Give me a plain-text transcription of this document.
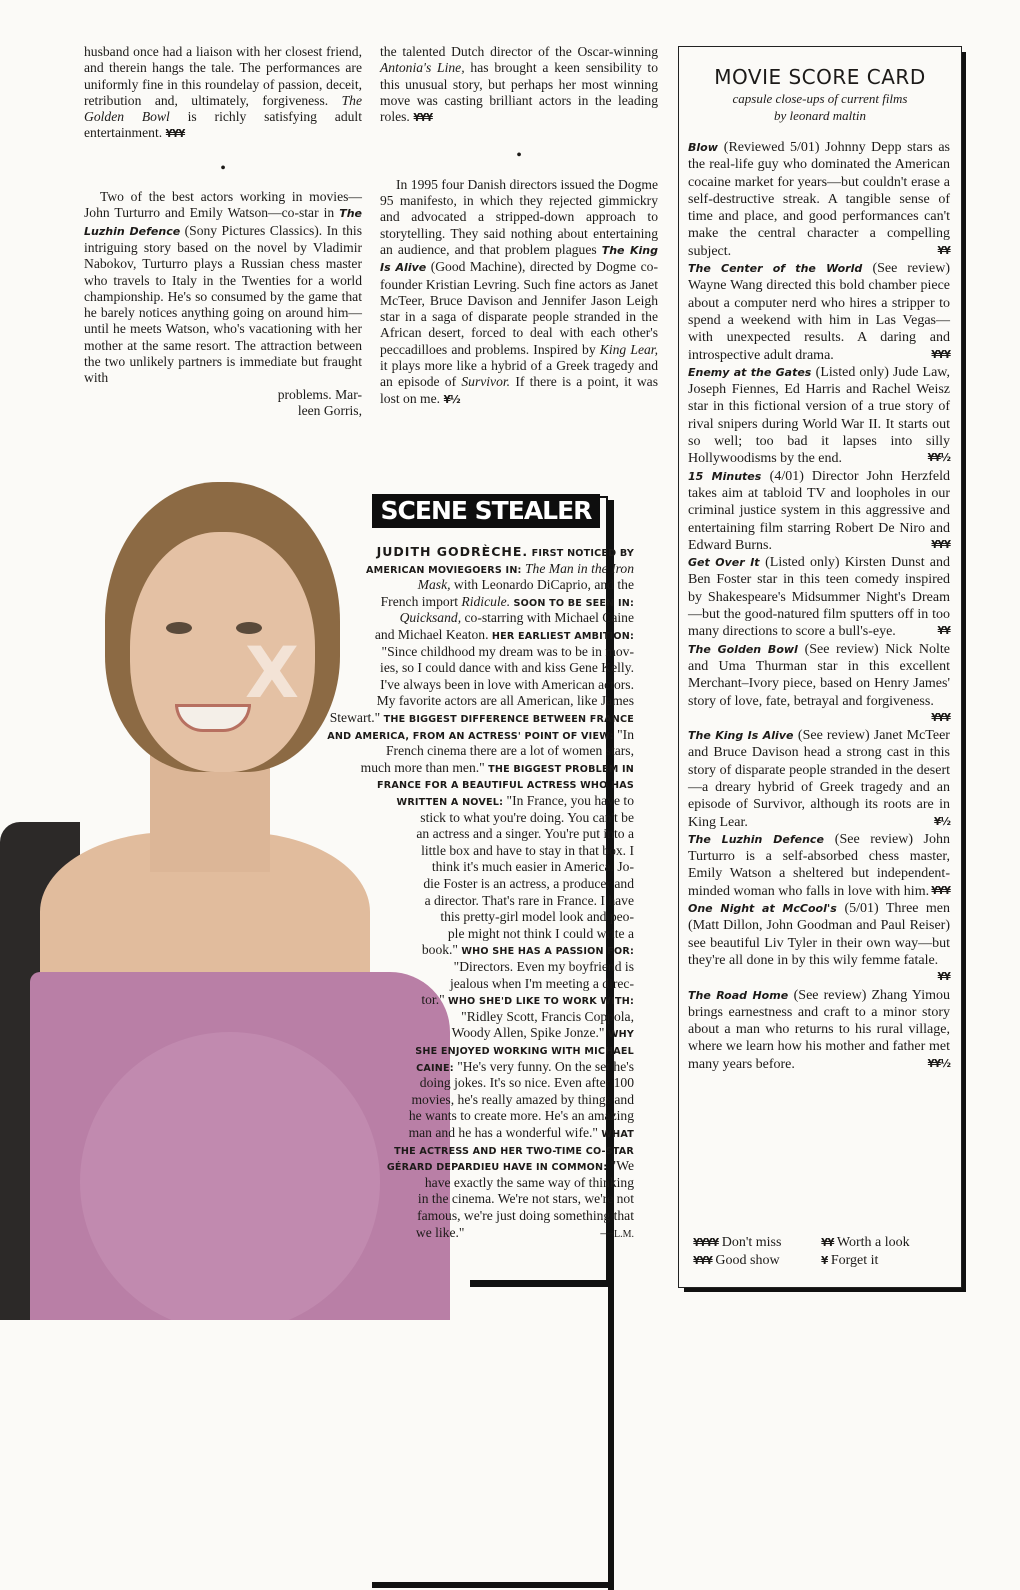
husband once had a liaison with her closest friend, and therein hangs the tale. The performances are uniformly fine in this roundelay of passion, deceit, retribution and, ultimately, forgiveness. The Golden Bowl is richly satisfying adult entertainment. ¥¥¥

•

Two of the best actors working in movies—John Turturro and Emily Watson—co-star in The Luzhin Defence (Sony Pictures Classics). In this intriguing story based on the novel by Vladimir Nabokov, Turturro plays a Russian chess master who travels to Italy in the Twenties for a world championship. He's so consumed by the game that he barely notices anything going on around him—until he meets Watson, who's vacationing with her mother at the same resort. The attraction between the two unlikely partners is immediate but fraught with

problems. Mar-
leen Gorris,

the talented Dutch director of the Oscar-winning Antonia's Line, has brought a keen sensibility to this unusual story, but perhaps her most winning move was casting brilliant actors in the leading roles. ¥¥¥

•

In 1995 four Danish directors issued the Dogme 95 manifesto, in which they rejected gimmickry and advocated a stripped-down approach to storytelling. They said nothing about entertaining an audience, and that problem plagues The King Is Alive (Good Machine), directed by Dogme co-founder Kristian Levring. Such fine actors as Janet McTeer, Bruce Davison and Jennifer Jason Leigh star in a saga of disparate people stranded in the African desert, forced to deal with each other's peccadilloes and problems. Inspired by King Lear, it plays more like a hybrid of a Greek tragedy and an episode of Survivor. If there is a point, it was lost on me. ¥½

SCENE STEALER
X
JUDITH GODRÈCHE. FIRST NOTICED BY
AMERICAN MOVIEGOERS IN: The Man in the Iron
Mask, with Leonardo DiCaprio, and the
French import Ridicule. SOON TO BE SEEN IN:
Quicksand, co-starring with Michael Caine
and Michael Keaton. HER EARLIEST AMBITION:
"Since childhood my dream was to be in mov-
ies, so I could dance with and kiss Gene Kelly.
I've always been in love with American actors.
My favorite actors are all American, like James
Stewart." THE BIGGEST DIFFERENCE BETWEEN FRANCE
AND AMERICA, FROM AN ACTRESS' POINT OF VIEW: "In
French cinema there are a lot of women stars,
much more than men." THE BIGGEST PROBLEM IN
FRANCE FOR A BEAUTIFUL ACTRESS WHO HAS
WRITTEN A NOVEL: "In France, you have to
stick to what you're doing. You can't be
an actress and a singer. You're put into a
little box and have to stay in that box. I
think it's much easier in America. Jo-
die Foster is an actress, a producer and
a director. That's rare in France. I have
this pretty-girl model look and peo-
ple might not think I could write a
book." WHO SHE HAS A PASSION FOR:
"Directors. Even my boyfriend is
jealous when I'm meeting a direc-
tor." WHO SHE'D LIKE TO WORK WITH:
"Ridley Scott, Francis Coppola,
Woody Allen, Spike Jonze." WHY
SHE ENJOYED WORKING WITH MICHAEL
CAINE: "He's very funny. On the set he's
doing jokes. It's so nice. Even after 100
movies, he's really amazed by things and
he wants to create more. He's an amazing
man and he has a wonderful wife." WHAT
THE ACTRESS AND HER TWO-TIME CO-STAR
GÉRARD DEPARDIEU HAVE IN COMMON: "We
have exactly the same way of thinking
in the cinema. We're not stars, we're not
famous, we're just doing something that
we like."                                        —L.M.
MOVIE SCORE CARD
capsule close-ups of current films
by leonard maltin

Blow (Reviewed 5/01) Johnny Depp stars as the real-life guy who dominated the American cocaine market for years—but couldn't erase a self-destructive streak. A tangible sense of time and place, and good performances can't make the central character a compelling subject.	¥¥

The Center of the World (See review) Wayne Wang directed this bold chamber piece about a computer nerd who hires a stripper to spend a weekend with him in Las Vegas—with unexpected results. A daring and introspective adult drama.	¥¥¥

Enemy at the Gates (Listed only) Jude Law, Joseph Fiennes, Ed Harris and Rachel Weisz star in this fictional version of a true story of rival snipers during World War II. It starts out so well; too bad it lapses into silly Hollywoodisms by the end.	¥¥½

15 Minutes (4/01) Director John Herzfeld takes aim at tabloid TV and loopholes in our criminal justice system in this aggressive and entertaining film starring Robert De Niro and Edward Burns.	¥¥¥

Get Over It (Listed only) Kirsten Dunst and Ben Foster star in this teen comedy inspired by Shakespeare's Midsummer Night's Dream—but the good-natured film sputters off in too many directions to score a bull's-eye.	¥¥

The Golden Bowl (See review) Nick Nolte and Uma Thurman star in this excellent Merchant–Ivory piece, based on Henry James' story of love, fate, betrayal and forgiveness.
¥¥¥

The King Is Alive (See review) Janet McTeer and Bruce Davison head a strong cast in this story of disparate people stranded in the desert—a dreary hybrid of Greek tragedy and an episode of Survivor, although its roots are in King Lear.	¥½

The Luzhin Defence (See review) John Turturro is a self-absorbed chess master, Emily Watson a sheltered but independent-minded woman who falls in love with him. ¥¥¥

One Night at McCool's (5/01) Three men (Matt Dillon, John Goodman and Paul Reiser) see beautiful Liv Tyler in their own way—but they're all done in by this wily femme fatale.
¥¥

The Road Home (See review) Zhang Yimou brings earnestness and craft to a minor story about a man who returns to his rural village, where we learn how his mother and father met many years before.	¥¥½

¥¥¥¥ Don't miss	¥¥ Worth a look
¥¥¥ Good show	¥ Forget it
